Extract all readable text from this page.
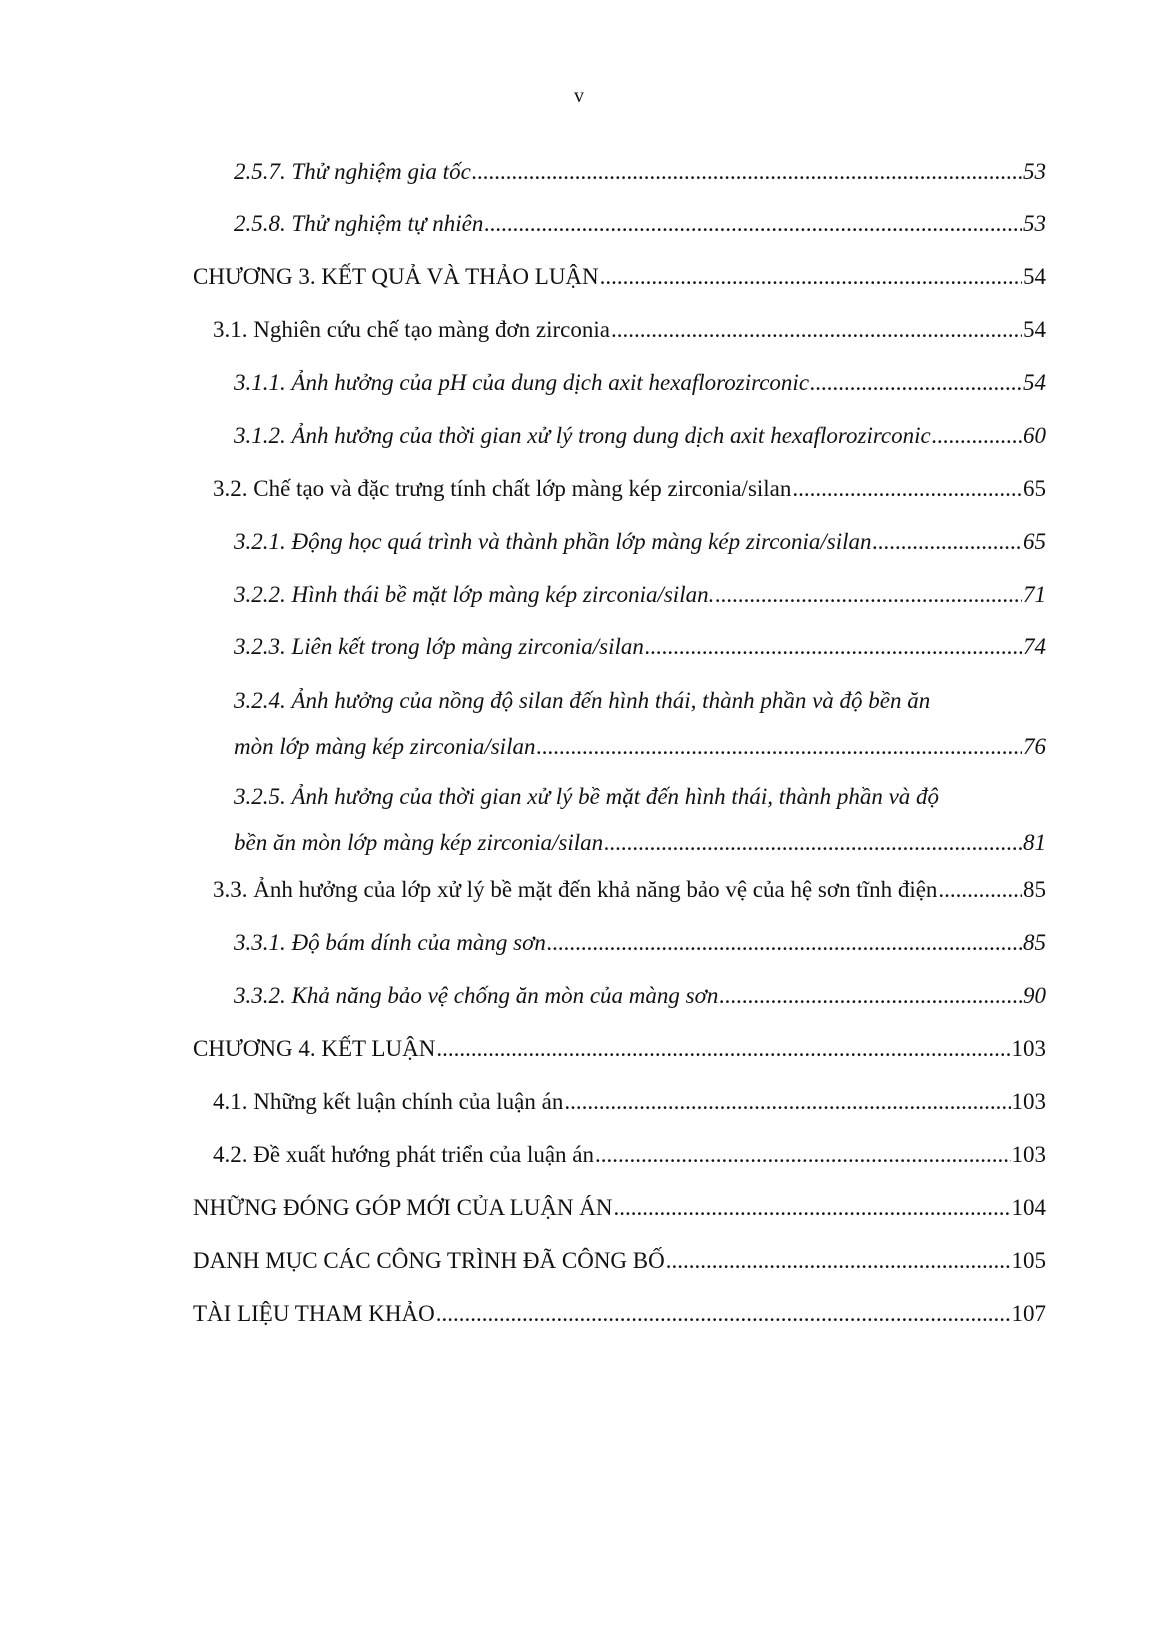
v
2.5.7. Thử nghiệm gia tốc .....	53
2.5.8. Thử nghiệm tự nhiên .....	53
CHƯƠNG 3. KẾT QUẢ VÀ THẢO LUẬN .....	54
3.1. Nghiên cứu chế tạo màng đơn zirconia .....	54
3.1.1. Ảnh hưởng của pH của dung dịch axit hexaflorozirconic .....	54
3.1.2. Ảnh hưởng của thời gian xử lý trong dung dịch axit hexaflorozirconic .....	60
3.2. Chế tạo và đặc trưng tính chất lớp màng kép zirconia/silan .....	65
3.2.1. Động học quá trình và thành phần lớp màng kép zirconia/silan .....	65
3.2.2. Hình thái bề mặt lớp màng kép zirconia/silan. .....	71
3.2.3. Liên kết trong lớp màng zirconia/silan .....	74
3.2.4. Ảnh hưởng của nồng độ silan đến hình thái, thành phần và độ bền ăn
mòn lớp màng kép zirconia/silan .....	76
3.2.5. Ảnh hưởng của thời gian xử lý bề mặt đến hình thái, thành phần và độ
bền ăn mòn lớp màng kép zirconia/silan .....	81
3.3. Ảnh hưởng của lớp xử lý bề mặt đến khả năng bảo vệ của hệ sơn tĩnh điện .....	85
3.3.1. Độ bám dính của màng sơn .....	85
3.3.2. Khả năng bảo vệ chống ăn mòn của màng sơn .....	90
CHƯƠNG 4. KẾT LUẬN .....	103
4.1. Những kết luận chính của luận án .....	103
4.2. Đề xuất hướng phát triển của luận án .....	103
NHỮNG ĐÓNG GÓP MỚI CỦA LUẬN ÁN .....	104
DANH MỤC CÁC CÔNG TRÌNH ĐÃ CÔNG BỐ .....	105
TÀI LIỆU THAM KHẢO .....	107
